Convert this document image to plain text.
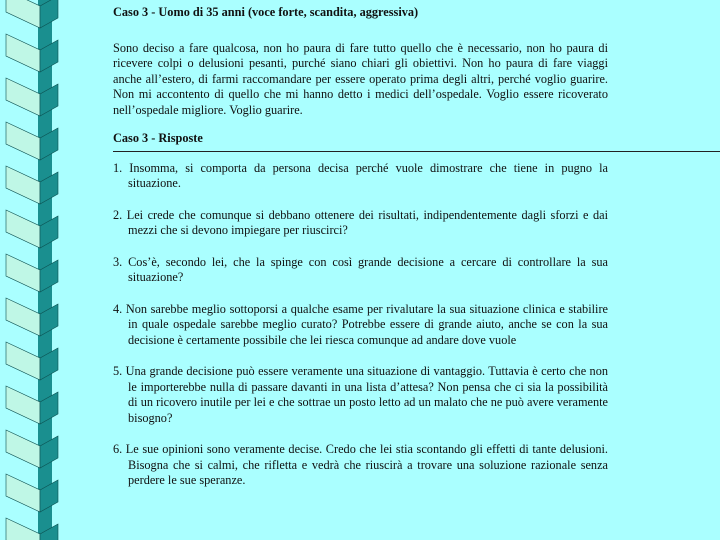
Caso 3 - Uomo di 35 anni (voce forte, scandita, aggressiva)

Sono deciso a fare qualcosa, non ho paura di fare tutto quello che è necessario, non ho paura di ricevere colpi o delusioni pesanti, purché siano chiari gli obiettivi. Non ho paura di fare viaggi anche all’estero, di farmi raccomandare per essere operato prima degli altri, perché voglio guarire. Non mi accontento di quello che mi hanno detto i medici dell’ospedale. Voglio essere ricoverato nell’ospedale migliore. Voglio guarire.

Caso 3 - Risposte

1. Insomma, si comporta da persona decisa perché vuole dimostrare che tiene in pugno la situazione.

2. Lei crede che comunque si debbano ottenere dei risultati, indipendentemente dagli sforzi e dai mezzi che si devono impiegare per riuscirci?

3. Cos’è, secondo lei, che la spinge con così grande decisione a cercare di controllare la sua situazione?

4. Non sarebbe meglio sottoporsi a qualche esame per rivalutare la sua situazione clinica e stabilire in quale ospedale sarebbe meglio curato? Potrebbe essere di grande aiuto, anche se con la sua decisione è certamente possibile che lei riesca comunque ad andare dove vuole

5. Una grande decisione può essere veramente una situazione di vantaggio. Tuttavia è certo che non le importerebbe nulla di passare davanti in una lista d’attesa? Non pensa che ci sia la possibilità di un ricovero inutile per lei e che sottrae un posto letto ad un malato che ne può avere veramente bisogno?

6. Le sue opinioni sono veramente decise. Credo che lei stia scontando gli effetti di tante delusioni. Bisogna che si calmi, che rifletta e vedrà che riuscirà a trovare una soluzione razionale senza perdere le sue speranze.
